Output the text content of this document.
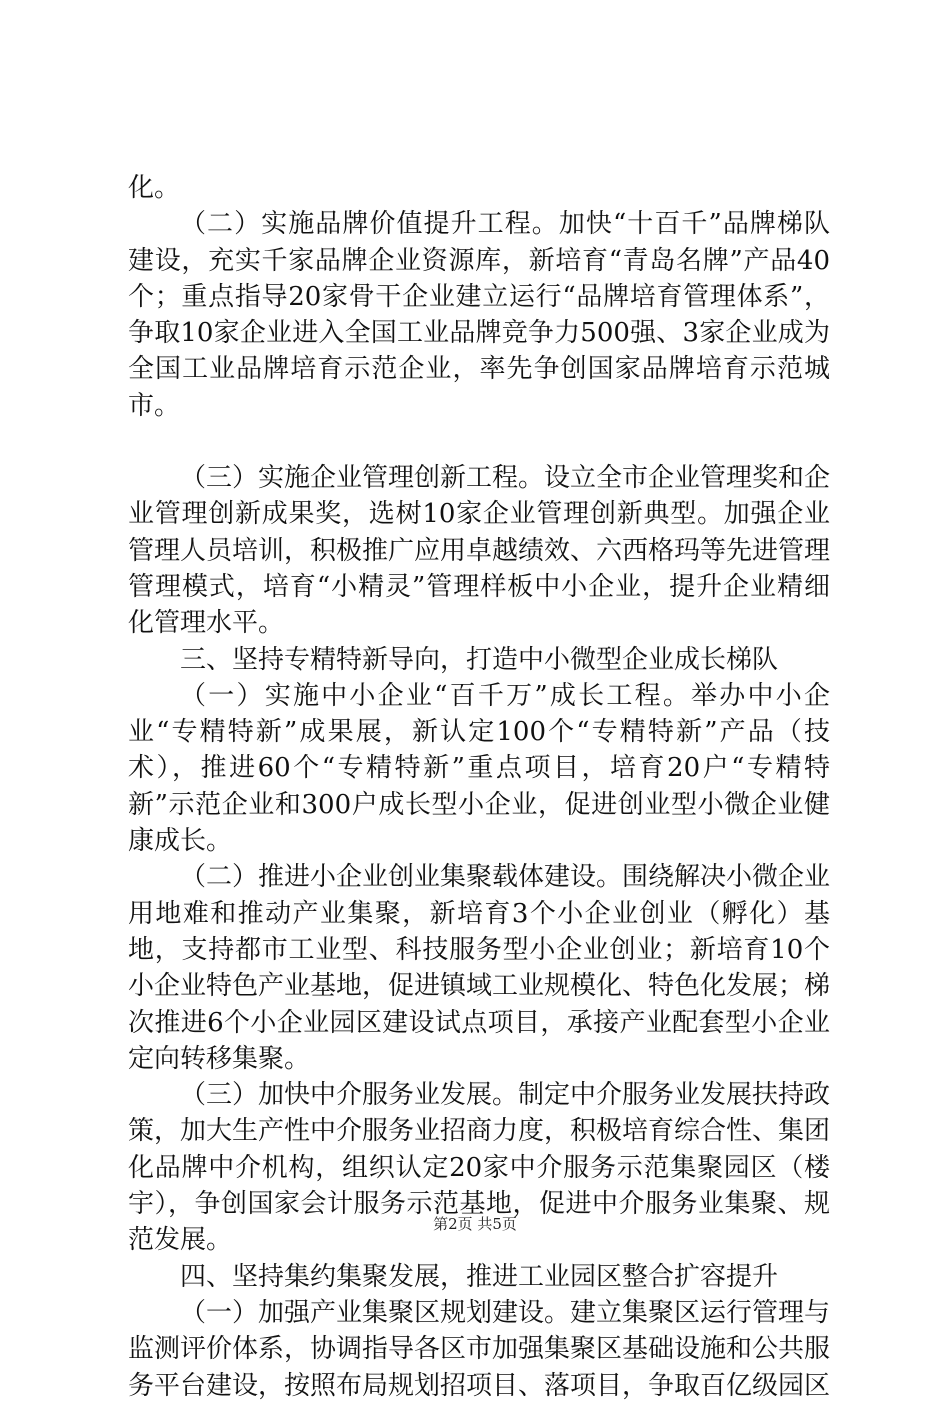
化。

（二）实施品牌价值提升工程。加快“十百千”品牌梯队建设，充实千家品牌企业资源库，新培育“青岛名牌”产品40个；重点指导20家骨干企业建立运行“品牌培育管理体系”，争取10家企业进入全国工业品牌竞争力500强、3家企业成为全国工业品牌培育示范企业，率先争创国家品牌培育示范城市。

（三）实施企业管理创新工程。设立全市企业管理奖和企业管理创新成果奖，选树10家企业管理创新典型。加强企业管理人员培训，积极推广应用卓越绩效、六西格玛等先进管理管理模式，培育“小精灵”管理样板中小企业，提升企业精细化管理水平。

三、坚持专精特新导向，打造中小微型企业成长梯队

（一）实施中小企业“百千万”成长工程。举办中小企业“专精特新”成果展，新认定100个“专精特新”产品（技术），推进60个“专精特新”重点项目，培育20户“专精特新”示范企业和300户成长型小企业，促进创业型小微企业健康成长。

（二）推进小企业创业集聚载体建设。围绕解决小微企业用地难和推动产业集聚，新培育3个小企业创业（孵化）基地，支持都市工业型、科技服务型小企业创业；新培育10个小企业特色产业基地，促进镇域工业规模化、特色化发展；梯次推进6个小企业园区建设试点项目，承接产业配套型小企业定向转移集聚。

（三）加快中介服务业发展。制定中介服务业发展扶持政策，加大生产性中介服务业招商力度，积极培育综合性、集团化品牌中介机构，组织认定20家中介服务示范集聚园区（楼宇），争创国家会计服务示范基地，促进中介服务业集聚、规范发展。

四、坚持集约集聚发展，推进工业园区整合扩容提升

（一）加强产业集聚区规划建设。建立集聚区运行管理与监测评价体系，协调指导各区市加强集聚区基础设施和公共服务平台建设，按照布局规划招项目、落项目，争取百亿级园区

第2页 共5页
